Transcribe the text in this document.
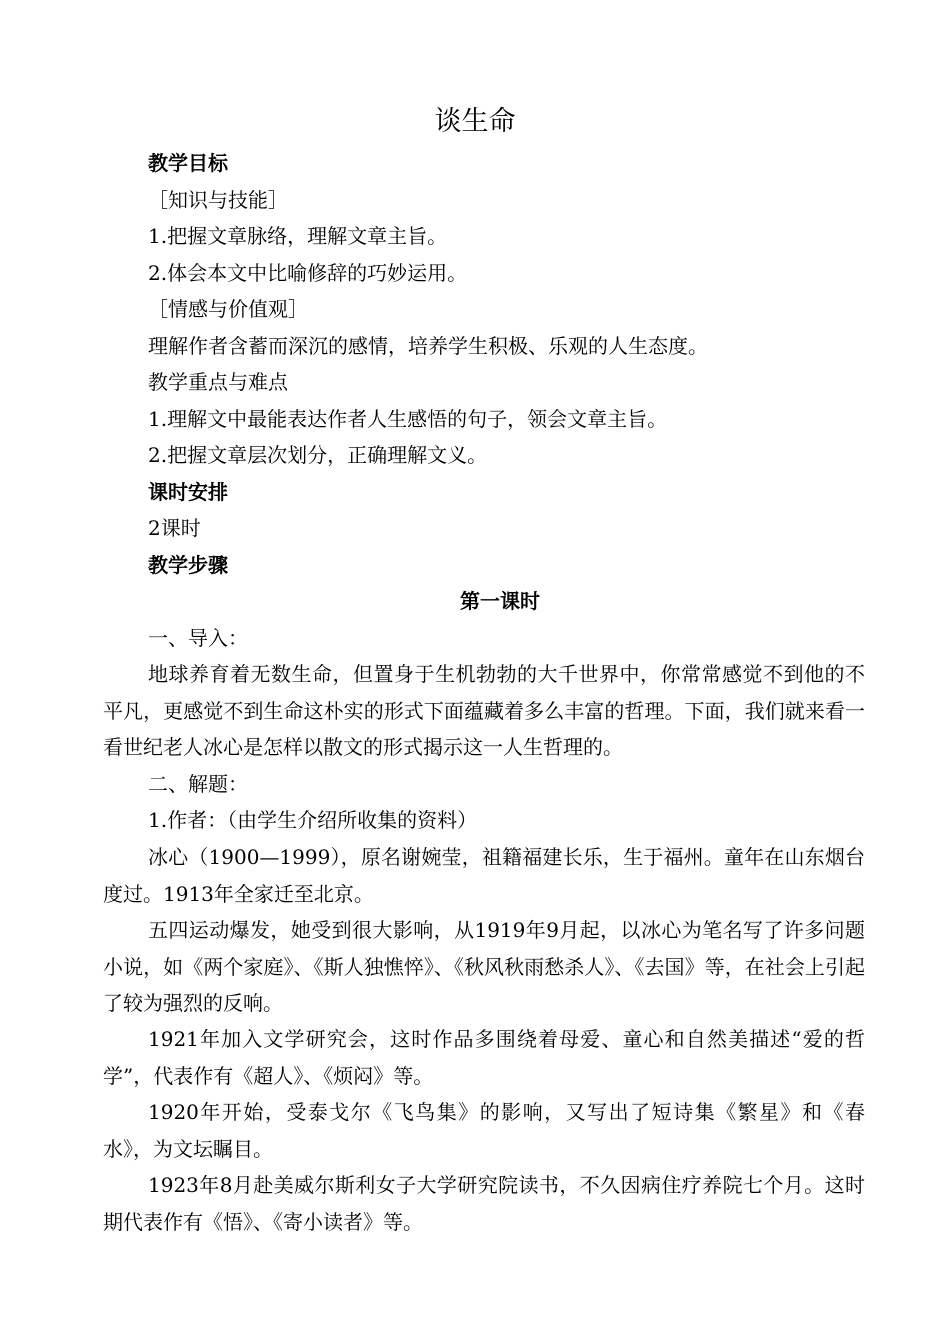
谈生命

教学目标

［知识与技能］

1.把握文章脉络，理解文章主旨。

2.体会本文中比喻修辞的巧妙运用。

［情感与价值观］

理解作者含蓄而深沉的感情，培养学生积极、乐观的人生态度。

教学重点与难点

1.理解文中最能表达作者人生感悟的句子，领会文章主旨。

2.把握文章层次划分，正确理解文义。

课时安排

2课时

教学步骤

第一课时

一、导入：

地球养育着无数生命，但置身于生机勃勃的大千世界中，你常常感觉不到他的不平凡，更感觉不到生命这朴实的形式下面蕴藏着多么丰富的哲理。下面，我们就来看一看世纪老人冰心是怎样以散文的形式揭示这一人生哲理的。

二、解题：

1.作者：（由学生介绍所收集的资料）

冰心（1900—1999），原名谢婉莹，祖籍福建长乐，生于福州。童年在山东烟台度过。1913年全家迁至北京。

五四运动爆发，她受到很大影响，从1919年9月起，以冰心为笔名写了许多问题小说，如《两个家庭》、《斯人独憔悴》、《秋风秋雨愁杀人》、《去国》等，在社会上引起了较为强烈的反响。

1921年加入文学研究会，这时作品多围绕着母爱、童心和自然美描述“爱的哲学”，代表作有《超人》、《烦闷》等。

1920年开始，受泰戈尔《飞鸟集》的影响，又写出了短诗集《繁星》和《春水》，为文坛瞩目。

1923年8月赴美威尔斯利女子大学研究院读书，不久因病住疗养院七个月。这时期代表作有《悟》、《寄小读者》等。
